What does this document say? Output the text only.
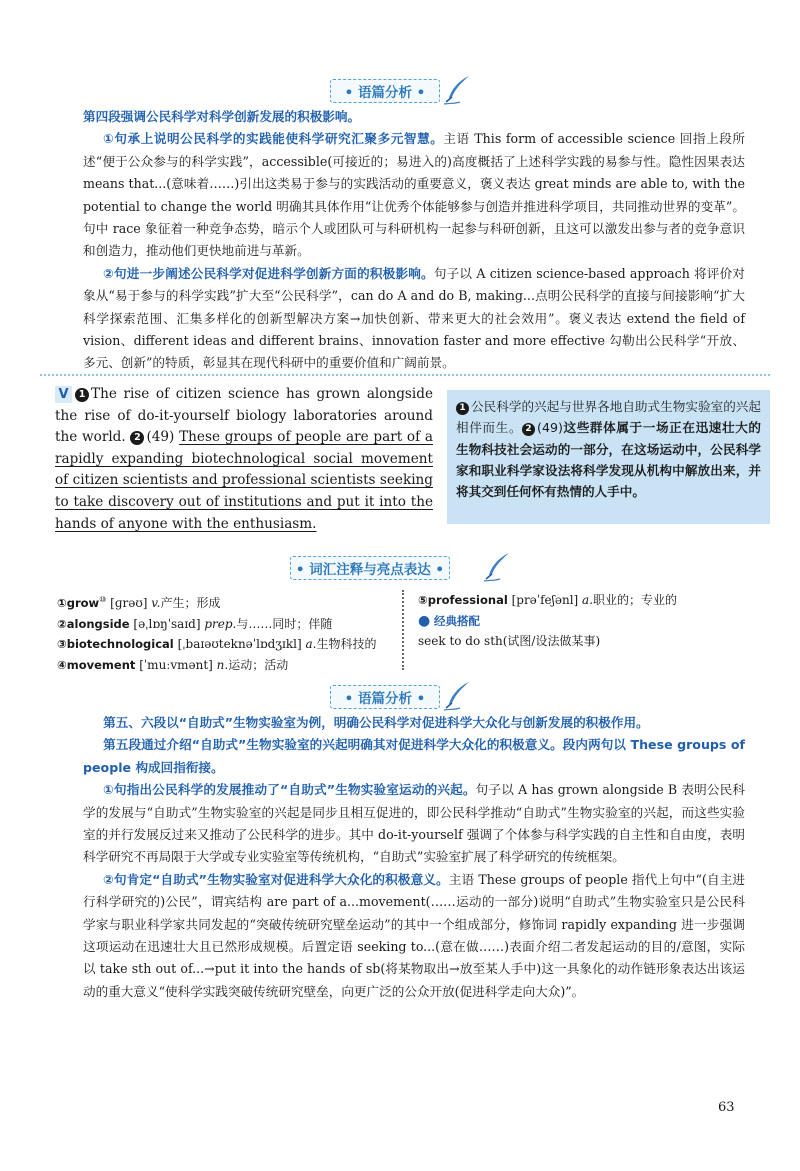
• 语篇分析 •

第四段强调公民科学对科学创新发展的积极影响。

①句承上说明公民科学的实践能使科学研究汇聚多元智慧。主语 This form of accessible science 回指上段所述“便于公众参与的科学实践”，accessible(可接近的；易进入的)高度概括了上述科学实践的易参与性。隐性因果表达 means that...(意味着……)引出这类易于参与的实践活动的重要意义，褒义表达 great minds are able to, with the potential to change the world 明确其具体作用“让优秀个体能够参与创造并推进科学项目，共同推动世界的变革”。句中 race 象征着一种竞争态势，暗示个人或团队可与科研机构一起参与科研创新，且这可以激发出参与者的竞争意识和创造力，推动他们更快地前进与革新。

②句进一步阐述公民科学对促进科学创新方面的积极影响。句子以 A citizen science-based approach 将评价对象从“易于参与的科学实践”扩大至“公民科学”，can do A and do B, making...点明公民科学的直接与间接影响“扩大科学探索范围、汇集多样化的创新型解决方案→加快创新、带来更大的社会效用”。褒义表达 extend the field of vision、different ideas and different brains、innovation faster and more effective 勾勒出公民科学“开放、多元、创新”的特质，彰显其在现代科研中的重要价值和广阔前景。

V 1 The rise of citizen science has grown alongside the rise of do-it-yourself biology laboratories around the world. 2 (49) These groups of people are part of a rapidly expanding biotechnological social movement of citizen scientists and professional scientists seeking to take discovery out of institutions and put it into the hands of anyone with the enthusiasm.
1 公民科学的兴起与世界各地自助式生物实验室的兴起相伴而生。 2 (49)这些群体属于一场正在迅速壮大的生物科技社会运动的一部分，在这场运动中，公民科学家和职业科学家设法将科学发现从机构中解放出来，并将其交到任何怀有热情的人手中。
• 词汇注释与亮点表达 •
①grow⑩ [ɡrəʊ] v.产生；形成
②alongside [əˌlɒŋˈsaɪd] prep.与……同时；伴随
③biotechnological [ˌbaɪəʊteknəˈlɒdʒɪkl] a.生物科技的
④movement [ˈmuːvmənt] n.运动；活动
⑤professional [prəˈfeʃənl] a.职业的；专业的
● 经典搭配
seek to do sth(试图/设法做某事)
• 语篇分析 •

第五、六段以“自助式”生物实验室为例，明确公民科学对促进科学大众化与创新发展的积极作用。

第五段通过介绍“自助式”生物实验室的兴起明确其对促进科学大众化的积极意义。段内两句以 These groups of people 构成回指衔接。

①句指出公民科学的发展推动了“自助式”生物实验室运动的兴起。句子以 A has grown alongside B 表明公民科学的发展与“自助式”生物实验室的兴起是同步且相互促进的，即公民科学推动“自助式”生物实验室的兴起，而这些实验室的并行发展反过来又推动了公民科学的进步。其中 do-it-yourself 强调了个体参与科学实践的自主性和自由度，表明科学研究不再局限于大学或专业实验室等传统机构，“自助式”实验室扩展了科学研究的传统框架。

②句肯定“自助式”生物实验室对促进科学大众化的积极意义。主语 These groups of people 指代上句中“(自主进行科学研究的)公民”，谓宾结构 are part of a...movement(……运动的一部分)说明“自助式”生物实验室只是公民科学家与职业科学家共同发起的“突破传统研究壁垒运动”的其中一个组成部分，修饰词 rapidly expanding 进一步强调这项运动在迅速壮大且已然形成规模。后置定语 seeking to...(意在做……)表面介绍二者发起运动的目的/意图，实际以 take sth out of...→put it into the hands of sb(将某物取出→放至某人手中)这一具象化的动作链形象表达出该运动的重大意义“使科学实践突破传统研究壁垒，向更广泛的公众开放(促进科学走向大众)”。

63
